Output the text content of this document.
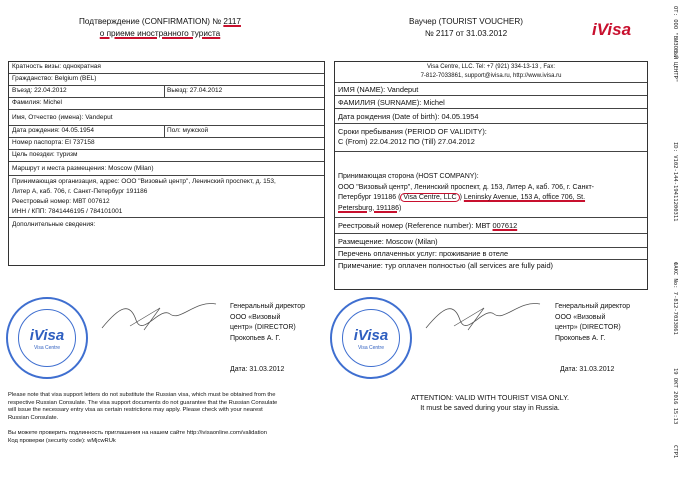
Подтверждение (CONFIRMATION) № 2117
о приеме иностранного туриста
Ваучер (TOURIST VOUCHER)
№ 2117 от 31.03.2012	iVisa
Кратность визы: однократная
Гражданство: Belgium (BEL)
Въезд: 22.04.2012	Выезд: 27.04.2012
Фамилия: Michel
Имя, Отчество (имена): Vandeput
Дата рождения: 04.05.1954	Пол: мужской
Номер паспорта: EI 737158
Цель поездки: туризм
Маршрут и места размещения: Moscow (Milan)
Принимающая организация, адрес: ООО "Визовый центр", Ленинский проспект, д. 153,
Литер А, каб. 706, г. Санкт-Петербург 191186
Реестровый номер: МВТ 007612
ИНН / КПП: 7841446195 / 784101001
Дополнительные сведения:
Visa Centre, LLC. Tel: +7 (921) 334-13-13 , Fax:
7-812-7033861, support@ivisa.ru, http://www.ivisa.ru
ИМЯ (NAME): Vandeput
ФАМИЛИЯ (SURNAME): Michel
Дата рождения (Date of birth): 04.05.1954
Сроки пребывания (PERIOD OF VALIDITY):
С (From) 22.04.2012 ПО (Till) 27.04.2012
Принимающая сторона (HOST COMPANY):
ООО "Визовый центр", Ленинский проспект, д. 153, Литер А, каб. 706, г. Санкт-
Петербург 191186 ( Visa Centre, LLC ) Leninsky Avenue, 153 A, office 706, St.
Petersburg, 191186)
Реестровый номер (Reference number): МВТ 007612
Размещение: Moscow (Milan)
Перечень оплаченных услуг: проживание в отеле
Примечание: тур оплачен полностью (all services are fully paid)
iVisa
Visa Centre
Генеральный директор
ООО «Визовый
центр» (DIRECTOR)
Прокопьев А. Г.
Дата: 31.03.2012
iVisa
Visa Centre
Генеральный директор
ООО «Визовый
центр» (DIRECTOR)
Прокопьев А. Г.
Дата: 31.03.2012
Please note that visa support letters do not substitute the Russian visa, which must be obtained from the
respective Russian Consulate. The visa support documents do not guarantee that the Russian Consulate
will issue the necessary entry visa as certain restrictions may apply. Please check with your nearest
Russian Consulate.
Вы можете проверить подлинность приглашения на нашем сайте http://ivisaonline.com/validation
Код проверки (security code): wMjcwRUk
ATTENTION: VALID WITH TOURIST VISA ONLY.
It must be saved during your stay in Russia.
OT: ООО "ВИЗОВЫЙ ЦЕНТР"
ID: V102-144-19411200311
ФАКС No: 7-812-7033861
19 OKT 2016 15:13
CTP1
